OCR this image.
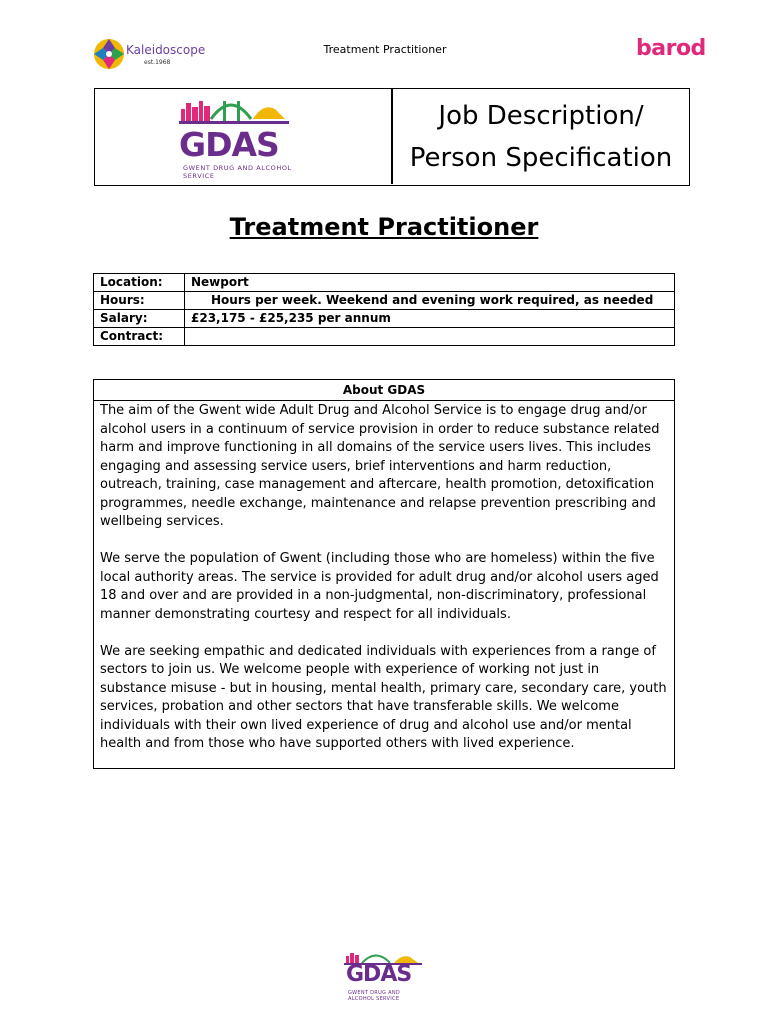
Kaleidoscope
est.1968
Treatment Practitioner	barod
GDAS
GWENT DRUG AND ALCOHOL SERVICE
Job Description/
Person Specification
Treatment Practitioner
Location:	Newport
Hours:	Hours per week. Weekend and evening work required, as needed
Salary:	£23,175 - £25,235 per annum
Contract:	
About GDAS

The aim of the Gwent wide Adult Drug and Alcohol Service is to engage drug and/or alcohol users in a continuum of service provision in order to reduce substance related harm and improve functioning in all domains of the service users lives. This includes engaging and assessing service users, brief interventions and harm reduction, outreach, training, case management and aftercare, health promotion, detoxification programmes, needle exchange, maintenance and relapse prevention prescribing and wellbeing services.

We serve the population of Gwent (including those who are homeless) within the five local authority areas. The service is provided for adult drug and/or alcohol users aged 18 and over and are provided in a non-judgmental, non-discriminatory, professional manner demonstrating courtesy and respect for all individuals.

We are seeking empathic and dedicated individuals with experiences from a range of sectors to join us. We welcome people with experience of working not just in substance misuse - but in housing, mental health, primary care, secondary care, youth services, probation and other sectors that have transferable skills. We welcome individuals with their own lived experience of drug and alcohol use and/or mental health and from those who have supported others with lived experience.

GDAS
GWENT DRUG AND ALCOHOL SERVICE
